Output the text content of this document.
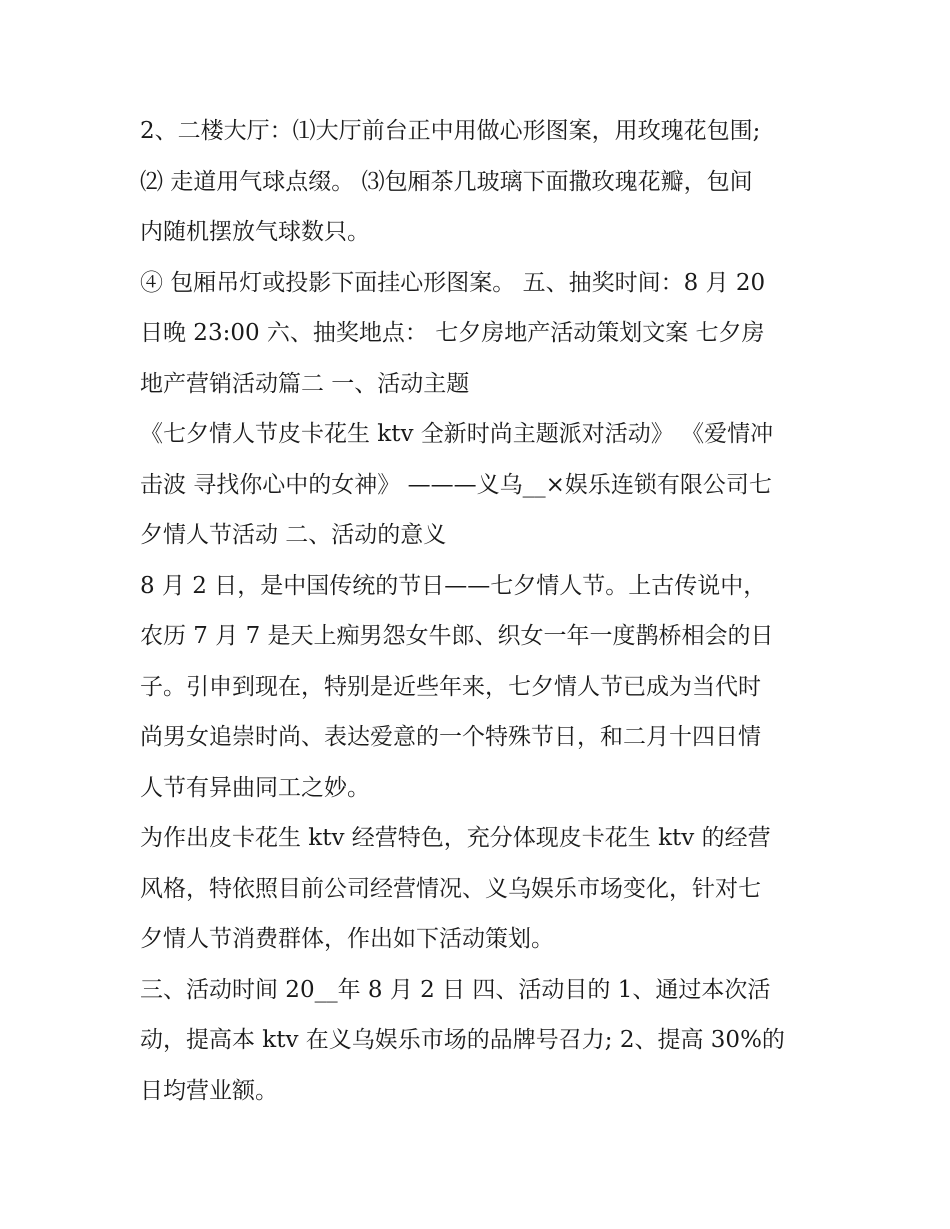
2、二楼大厅：⑴大厅前台正中用做心形图案，用玫瑰花包围;
⑵ 走道用气球点缀。 ⑶包厢茶几玻璃下面撒玫瑰花瓣，包间
内随机摆放气球数只。
④ 包厢吊灯或投影下面挂心形图案。 五、抽奖时间：8 月 20
日晚 23:00 六、抽奖地点： 七夕房地产活动策划文案 七夕房
地产营销活动篇二 一、活动主题
《七夕情人节皮卡花生 ktv 全新时尚主题派对活动》 《爱情冲
击波 寻找你心中的女神》 ———义乌__×娱乐连锁有限公司七
夕情人节活动 二、活动的意义
8 月 2 日，是中国传统的节日——七夕情人节。上古传说中，
农历 7 月 7 是天上痴男怨女牛郎、织女一年一度鹊桥相会的日
子。引申到现在，特别是近些年来，七夕情人节已成为当代时
尚男女追崇时尚、表达爱意的一个特殊节日，和二月十四日情
人节有异曲同工之妙。
为作出皮卡花生 ktv 经营特色，充分体现皮卡花生 ktv 的经营
风格，特依照目前公司经营情况、义乌娱乐市场变化，针对七
夕情人节消费群体，作出如下活动策划。
三、活动时间 20__年 8 月 2 日 四、活动目的 1、通过本次活
动，提高本 ktv 在义乌娱乐市场的品牌号召力; 2、提高 30%的
日均营业额。
